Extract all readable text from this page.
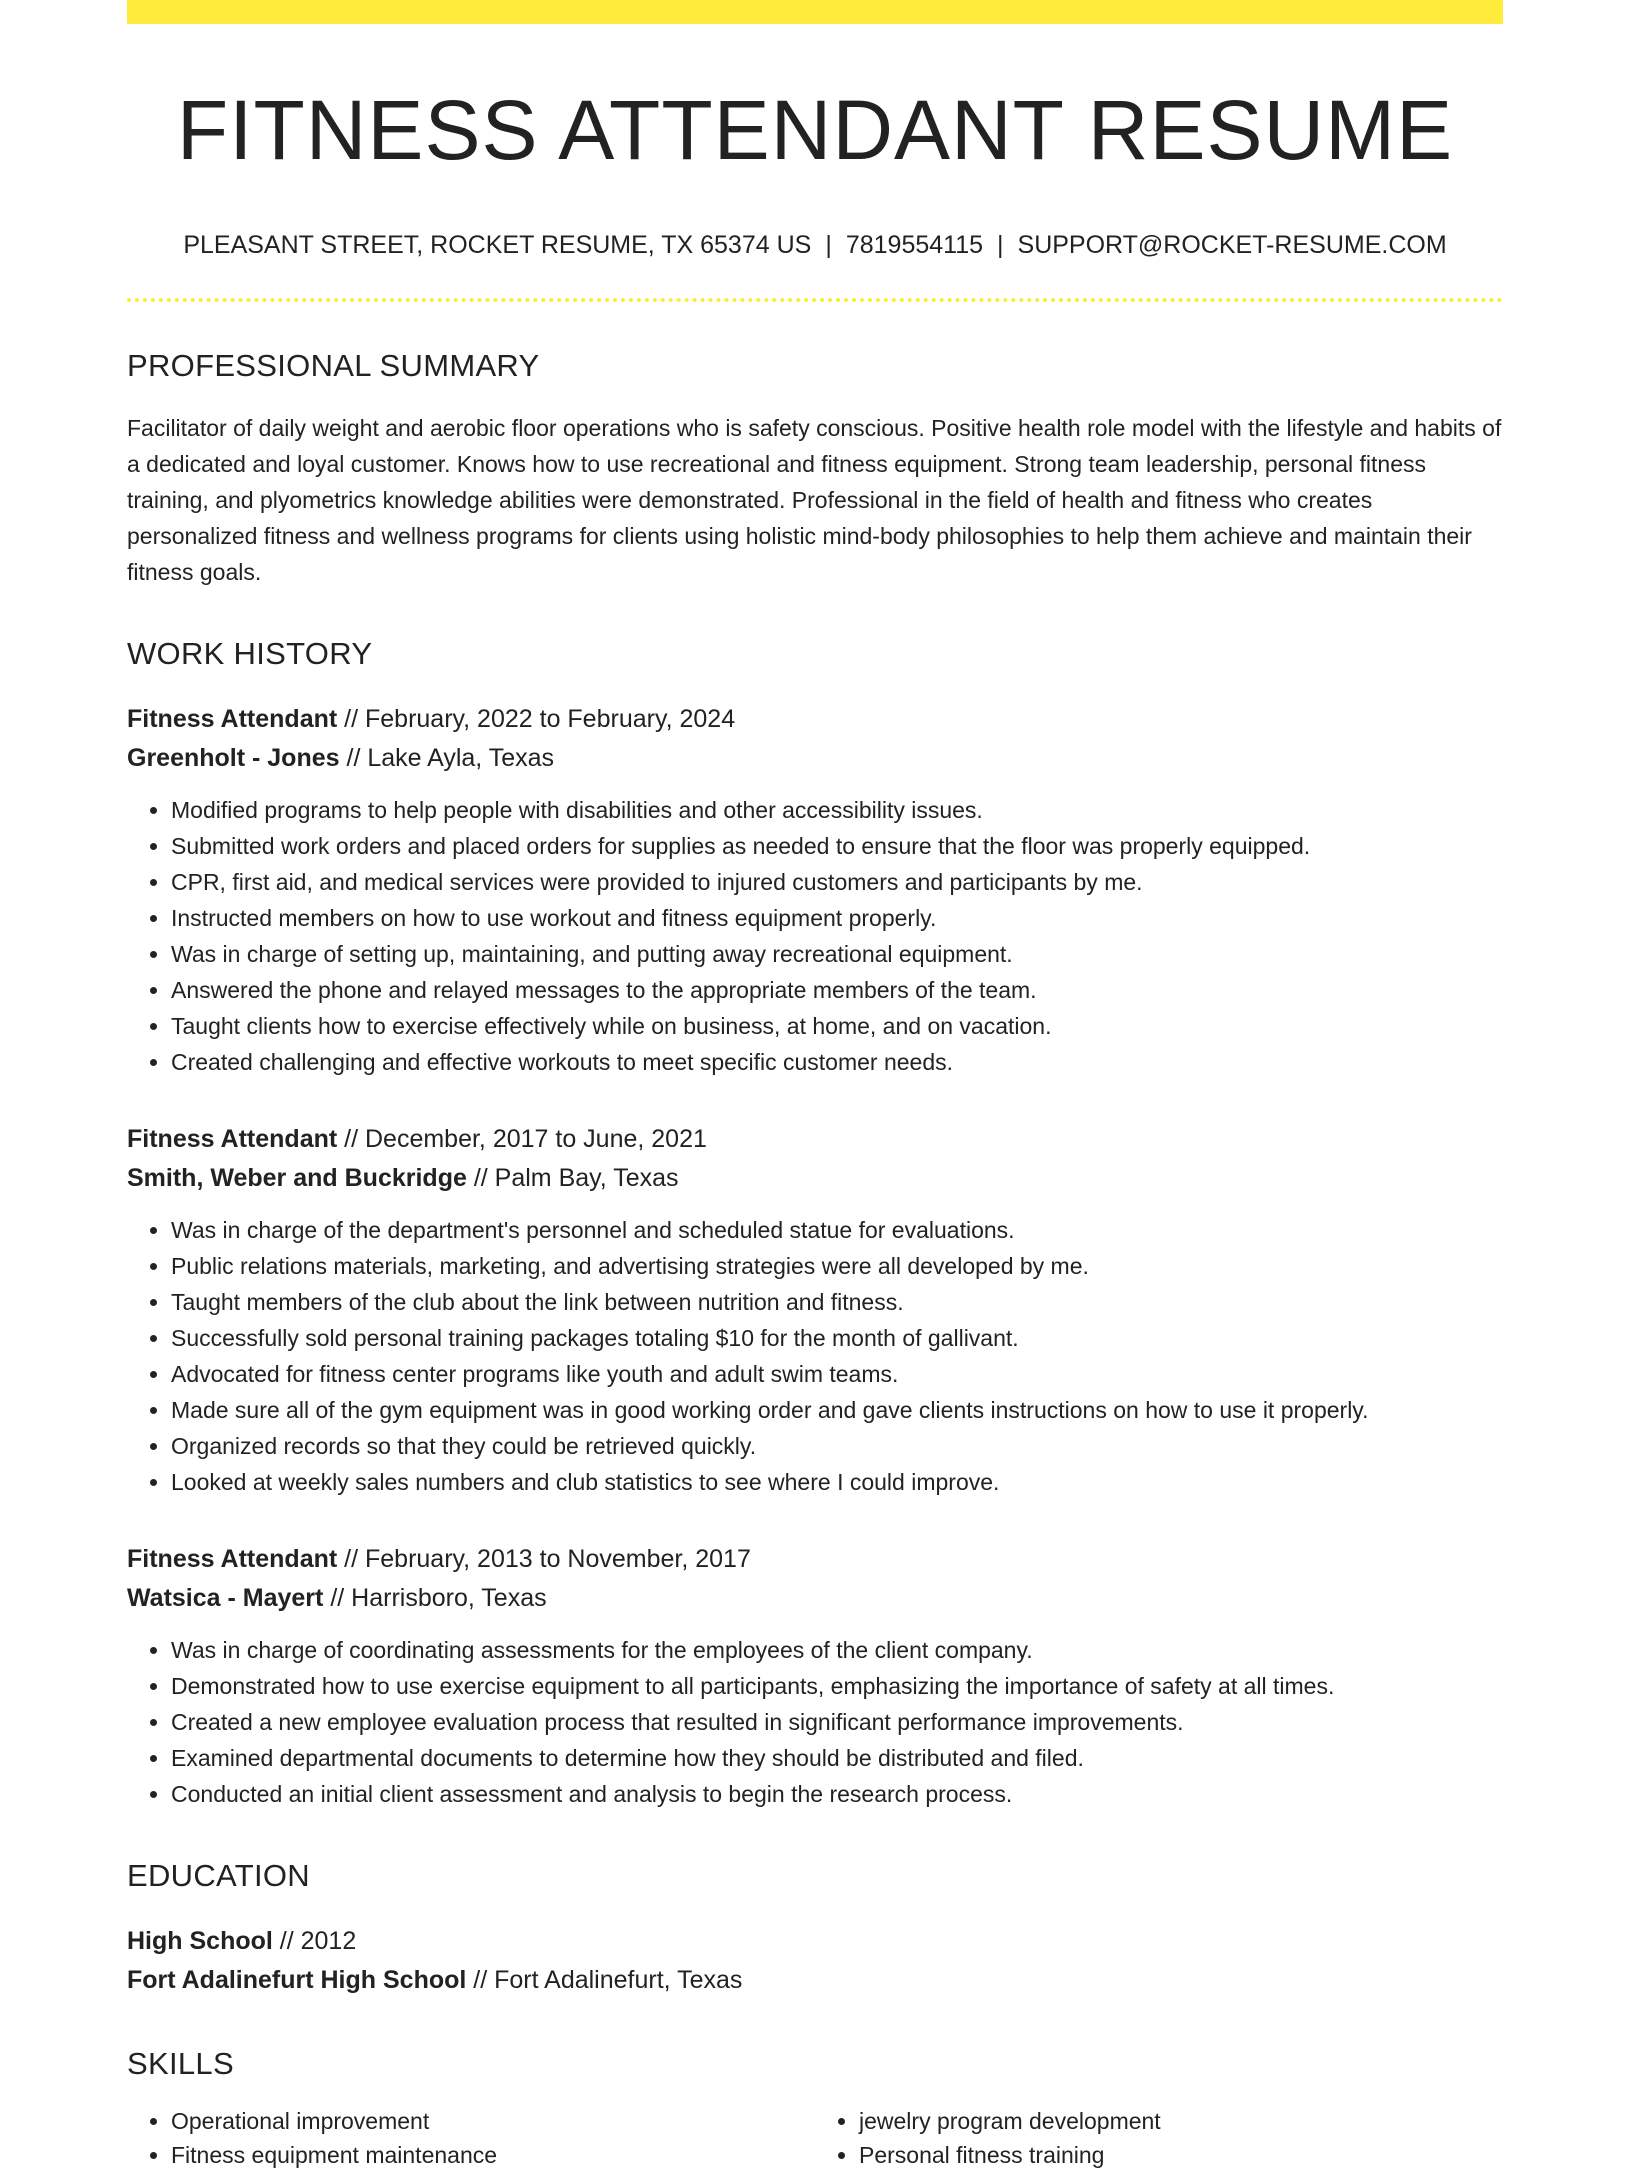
FITNESS ATTENDANT RESUME
PLEASANT STREET, ROCKET RESUME, TX 65374 US | 7819554115 | SUPPORT@ROCKET-RESUME.COM
PROFESSIONAL SUMMARY
Facilitator of daily weight and aerobic floor operations who is safety conscious. Positive health role model with the lifestyle and habits of a dedicated and loyal customer. Knows how to use recreational and fitness equipment. Strong team leadership, personal fitness training, and plyometrics knowledge abilities were demonstrated. Professional in the field of health and fitness who creates personalized fitness and wellness programs for clients using holistic mind-body philosophies to help them achieve and maintain their fitness goals.
WORK HISTORY
Fitness Attendant // February, 2022 to February, 2024
Greenholt - Jones // Lake Ayla, Texas
• Modified programs to help people with disabilities and other accessibility issues.
• Submitted work orders and placed orders for supplies as needed to ensure that the floor was properly equipped.
• CPR, first aid, and medical services were provided to injured customers and participants by me.
• Instructed members on how to use workout and fitness equipment properly.
• Was in charge of setting up, maintaining, and putting away recreational equipment.
• Answered the phone and relayed messages to the appropriate members of the team.
• Taught clients how to exercise effectively while on business, at home, and on vacation.
• Created challenging and effective workouts to meet specific customer needs.
Fitness Attendant // December, 2017 to June, 2021
Smith, Weber and Buckridge // Palm Bay, Texas
• Was in charge of the department's personnel and scheduled statue for evaluations.
• Public relations materials, marketing, and advertising strategies were all developed by me.
• Taught members of the club about the link between nutrition and fitness.
• Successfully sold personal training packages totaling $10 for the month of gallivant.
• Advocated for fitness center programs like youth and adult swim teams.
• Made sure all of the gym equipment was in good working order and gave clients instructions on how to use it properly.
• Organized records so that they could be retrieved quickly.
• Looked at weekly sales numbers and club statistics to see where I could improve.
Fitness Attendant // February, 2013 to November, 2017
Watsica - Mayert // Harrisboro, Texas
• Was in charge of coordinating assessments for the employees of the client company.
• Demonstrated how to use exercise equipment to all participants, emphasizing the importance of safety at all times.
• Created a new employee evaluation process that resulted in significant performance improvements.
• Examined departmental documents to determine how they should be distributed and filed.
• Conducted an initial client assessment and analysis to begin the research process.
EDUCATION
High School // 2012
Fort Adalinefurt High School // Fort Adalinefurt, Texas
SKILLS
• Operational improvement
• Fitness equipment maintenance
• jewelry program development
• Personal fitness training
